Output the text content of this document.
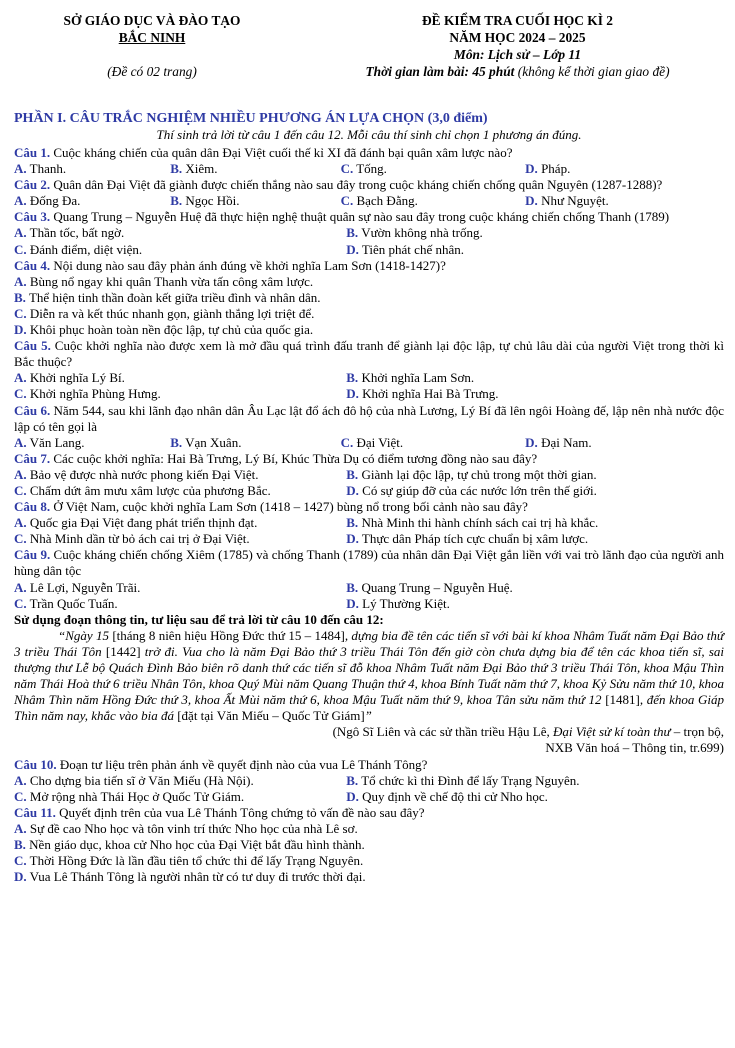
SỞ GIÁO DỤC VÀ ĐÀO TẠO
BẮC NINH
(Đề có 02 trang)
ĐỀ KIỂM TRA CUỐI HỌC KÌ 2
NĂM HỌC 2024 – 2025
Môn: Lịch sử – Lớp 11
Thời gian làm bài: 45 phút (không kể thời gian giao đề)
PHẦN I. CÂU TRẮC NGHIỆM NHIỀU PHƯƠNG ÁN LỰA CHỌN (3,0 điểm)
Thí sinh trả lời từ câu 1 đến câu 12. Mỗi câu thí sinh chỉ chọn 1 phương án đúng.

Câu 1. Cuộc kháng chiến của quân dân Đại Việt cuối thế kỉ XI đã đánh bại quân xâm lược nào?

A. Thanh.	B. Xiêm.	C. Tống.	D. Pháp.

Câu 2. Quân dân Đại Việt đã giành được chiến thắng nào sau đây trong cuộc kháng chiến chống quân Nguyên (1287-1288)?

A. Đống Đa.	B. Ngọc Hồi.	C. Bạch Đằng.	D. Như Nguyệt.

Câu 3. Quang Trung – Nguyễn Huệ đã thực hiện nghệ thuật quân sự nào sau đây trong cuộc kháng chiến chống Thanh (1789)

A. Thần tốc, bất ngờ.	B. Vườn không nhà trống.
C. Đánh điểm, diệt viện.	D. Tiên phát chế nhân.

Câu 4. Nội dung nào sau đây phản ánh đúng về khởi nghĩa Lam Sơn (1418-1427)?

A. Bùng nổ ngay khi quân Thanh vừa tấn công xâm lược.

B. Thể hiện tinh thần đoàn kết giữa triều đình và nhân dân.

C. Diễn ra và kết thúc nhanh gọn, giành thắng lợi triệt để.

D. Khôi phục hoàn toàn nền độc lập, tự chủ của quốc gia.

Câu 5. Cuộc khởi nghĩa nào được xem là mở đầu quá trình đấu tranh để giành lại độc lập, tự chủ lâu dài của người Việt trong thời kì Bắc thuộc?

A. Khởi nghĩa Lý Bí.	B. Khởi nghĩa Lam Sơn.
C. Khởi nghĩa Phùng Hưng.	D. Khởi nghĩa Hai Bà Trưng.

Câu 6. Năm 544, sau khi lãnh đạo nhân dân Âu Lạc lật đổ ách đô hộ của nhà Lương, Lý Bí đã lên ngôi Hoàng đế, lập nên nhà nước độc lập có tên gọi là

A. Văn Lang.	B. Vạn Xuân.	C. Đại Việt.	D. Đại Nam.

Câu 7. Các cuộc khởi nghĩa: Hai Bà Trưng, Lý Bí, Khúc Thừa Dụ có điểm tương đồng nào sau đây?

A. Bảo vệ được nhà nước phong kiến Đại Việt.	B. Giành lại độc lập, tự chủ trong một thời gian.
C. Chấm dứt âm mưu xâm lược của phương Bắc.	D. Có sự giúp đỡ của các nước lớn trên thế giới.

Câu 8. Ở Việt Nam, cuộc khởi nghĩa Lam Sơn (1418 – 1427) bùng nổ trong bối cảnh nào sau đây?

A. Quốc gia Đại Việt đang phát triển thịnh đạt.	B. Nhà Minh thi hành chính sách cai trị hà khắc.
C. Nhà Minh dần từ bỏ ách cai trị ở Đại Việt.	D. Thực dân Pháp tích cực chuẩn bị xâm lược.

Câu 9. Cuộc kháng chiến chống Xiêm (1785) và chống Thanh (1789) của nhân dân Đại Việt gắn liền với vai trò lãnh đạo của người anh hùng dân tộc

A. Lê Lợi, Nguyễn Trãi.	B. Quang Trung – Nguyễn Huệ.
C. Trần Quốc Tuấn.	D. Lý Thường Kiệt.

Sử dụng đoạn thông tin, tư liệu sau để trả lời từ câu 10 đến câu 12:

“Ngày 15 [tháng 8 niên hiệu Hồng Đức thứ 15 – 1484], dựng bia đề tên các tiến sĩ với bài kí khoa Nhâm Tuất năm Đại Bảo thứ 3 triều Thái Tôn [1442] trở đi. Vua cho là năm Đại Bảo thứ 3 triều Thái Tôn đến giờ còn chưa dựng bia để tên các khoa tiến sĩ, sai thượng thư Lễ bộ Quách Đình Bảo biên rõ danh thứ các tiến sĩ đỗ khoa Nhâm Tuất năm Đại Bảo thứ 3 triều Thái Tôn, khoa Mậu Thìn năm Thái Hoà thứ 6 triều Nhân Tôn, khoa Quý Mùi năm Quang Thuận thứ 4, khoa Bính Tuất năm thứ 7, khoa Kỷ Sửu năm thứ 10, khoa Nhâm Thìn năm Hồng Đức thứ 3, khoa Ất Mùi năm thứ 6, khoa Mậu Tuất năm thứ 9, khoa Tân sửu năm thứ 12 [1481], đến khoa Giáp Thìn năm nay, khắc vào bia đá [đặt tại Văn Miếu – Quốc Tử Giám]”

(Ngô Sĩ Liên và các sử thần triều Hậu Lê, Đại Việt sử kí toàn thư – trọn bộ,

NXB Văn hoá – Thông tin, tr.699)

Câu 10. Đoạn tư liệu trên phản ánh về quyết định nào của vua Lê Thánh Tông?

A. Cho dựng bia tiến sĩ ở Văn Miếu (Hà Nội).	B. Tổ chức kì thi Đình để lấy Trạng Nguyên.
C. Mở rộng nhà Thái Học ở Quốc Tử Giám.	D. Quy định về chế độ thi cử Nho học.

Câu 11. Quyết định trên của vua Lê Thánh Tông chứng tỏ vấn đề nào sau đây?

A. Sự đề cao Nho học và tôn vinh trí thức Nho học của nhà Lê sơ.

B. Nền giáo dục, khoa cử Nho học của Đại Việt bắt đầu hình thành.

C. Thời Hồng Đức là lần đầu tiên tổ chức thi để lấy Trạng Nguyên.

D. Vua Lê Thánh Tông là người nhân từ có tư duy đi trước thời đại.
